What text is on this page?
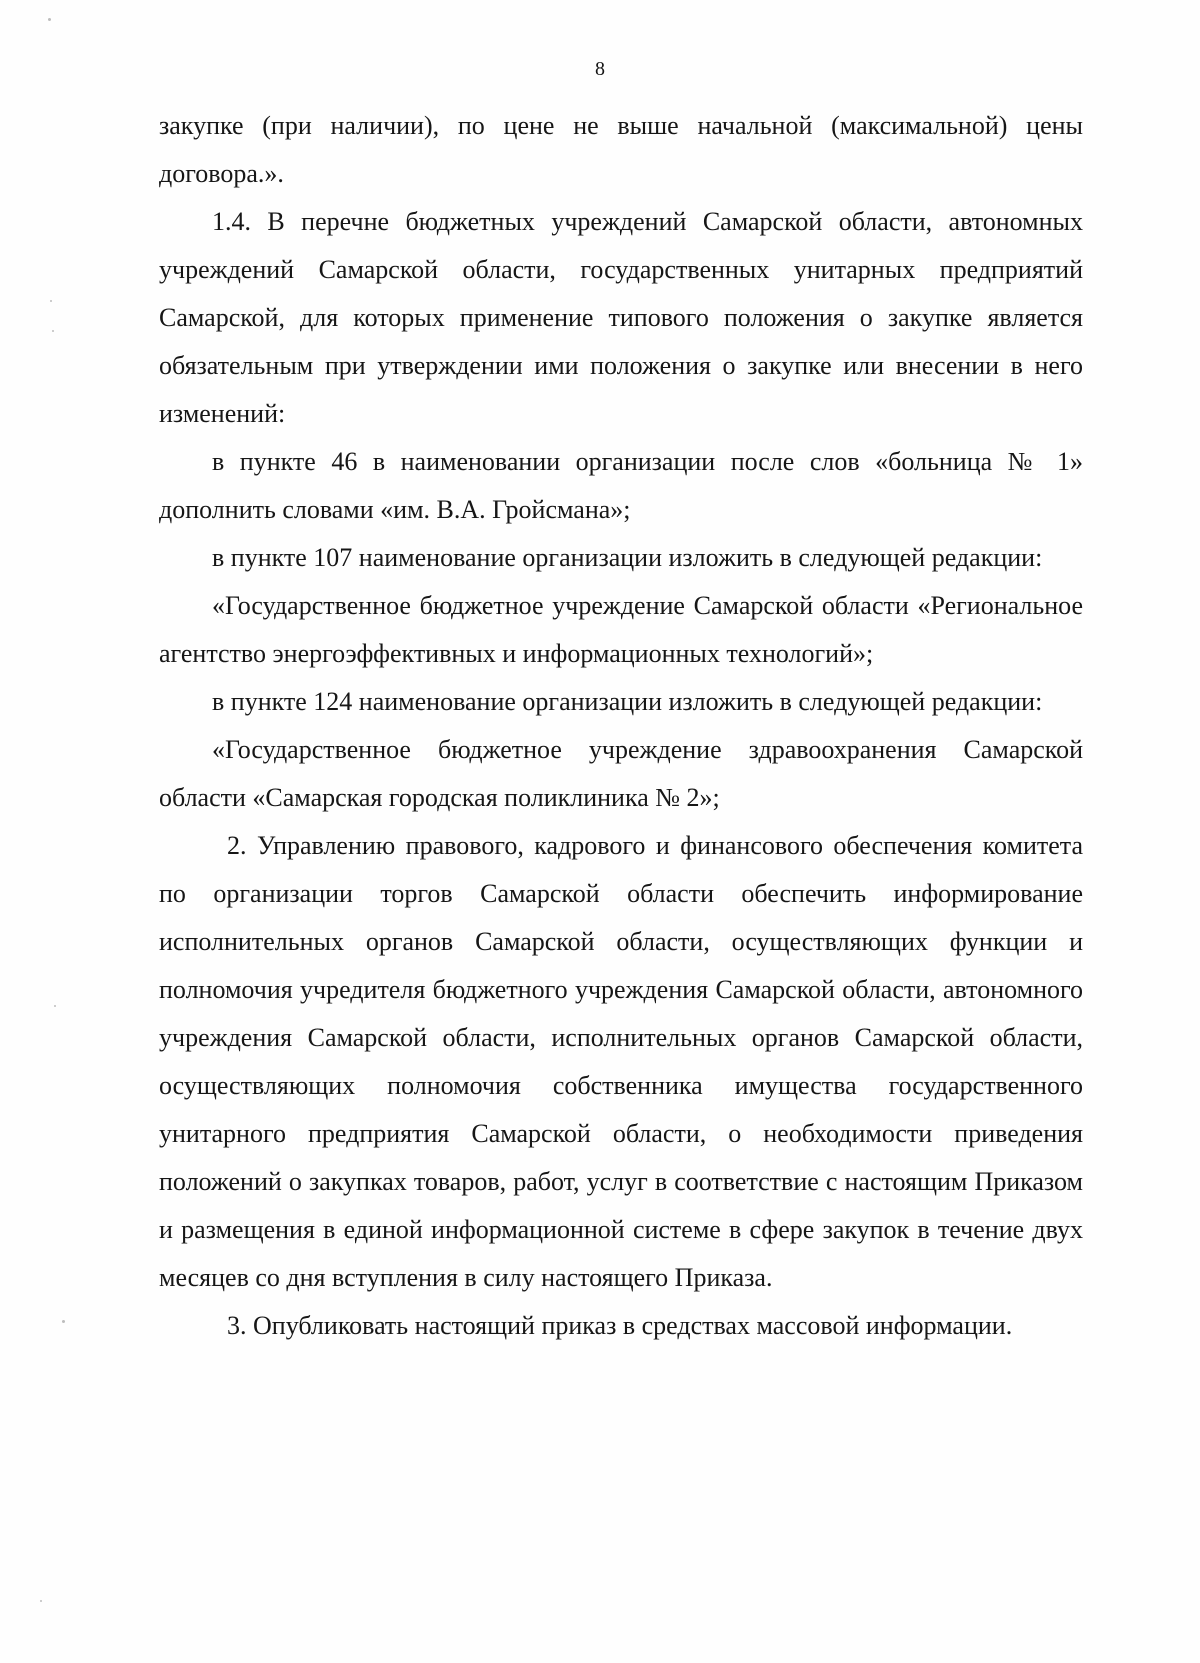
8

закупке (при наличии), по цене не выше начальной (максимальной) цены договора.».

1.4. В перечне бюджетных учреждений Самарской области, автономных учреждений Самарской области, государственных унитарных предприятий Самарской, для которых применение типового положения о закупке является обязательным при утверждении ими положения о закупке или внесении в него изменений:

в пункте 46 в наименовании организации после слов «больница № 1» дополнить словами «им. В.А. Гройсмана»;

в пункте 107 наименование организации изложить в следующей редакции:

«Государственное бюджетное учреждение Самарской области «Региональное агентство энергоэффективных и информационных технологий»;

в пункте 124 наименование организации изложить в следующей редакции:

«Государственное бюджетное учреждение здравоохранения Самарской области «Самарская городская поликлиника № 2»;

2. Управлению правового, кадрового и финансового обеспечения комитета по организации торгов Самарской области обеспечить информирование исполнительных органов Самарской области, осуществляющих функции и полномочия учредителя бюджетного учреждения Самарской области, автономного учреждения Самарской области, исполнительных органов Самарской области, осуществляющих полномочия собственника имущества государственного унитарного предприятия Самарской области, о необходимости приведения положений о закупках товаров, работ, услуг в соответствие с настоящим Приказом и размещения в единой информационной системе в сфере закупок в течение двух месяцев со дня вступления в силу настоящего Приказа.

3. Опубликовать настоящий приказ в средствах массовой информации.
